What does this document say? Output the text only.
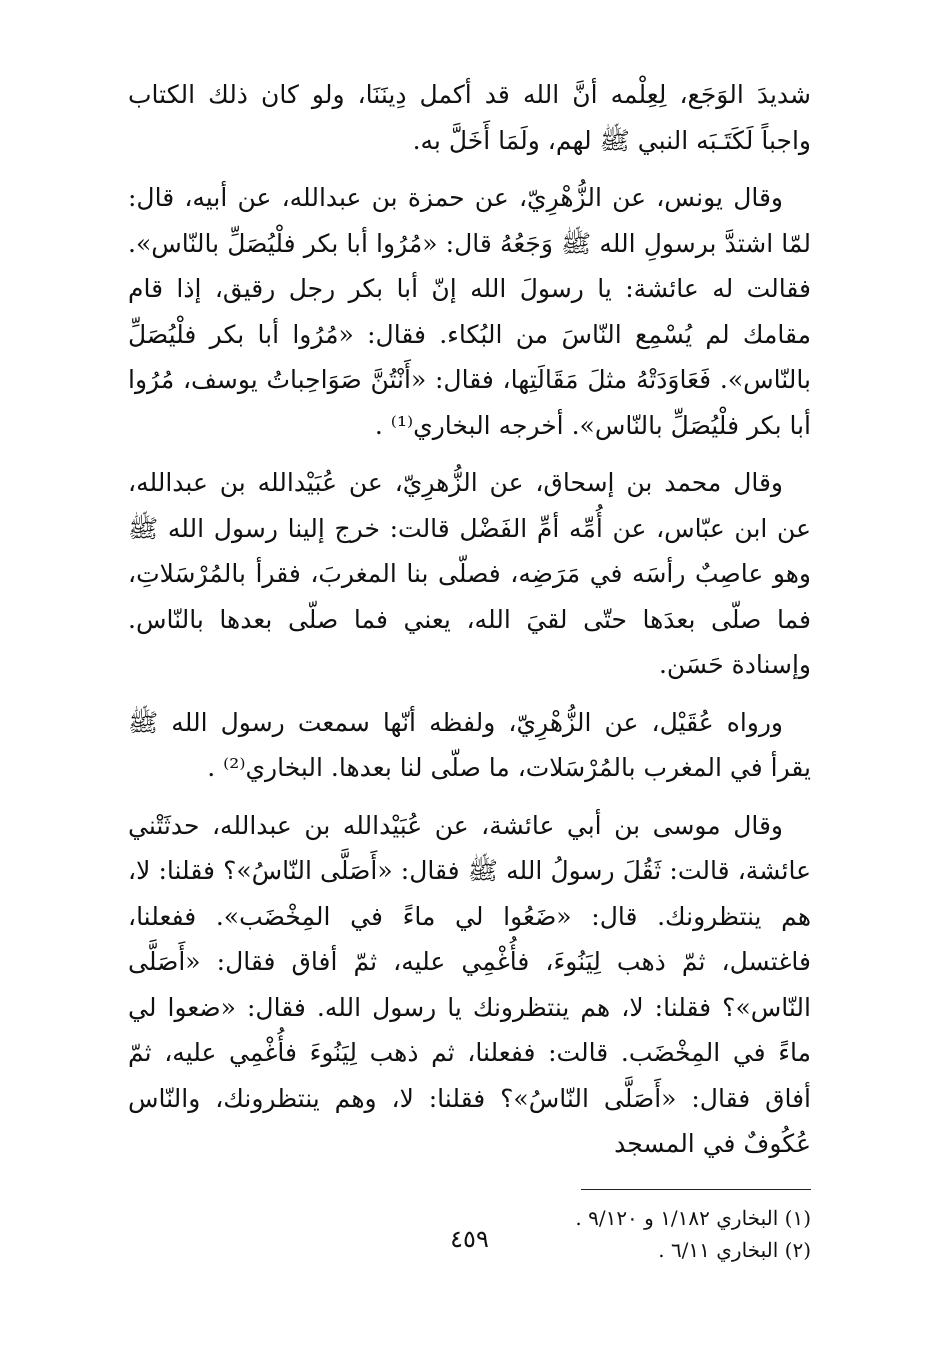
شديدَ الوَجَع، لِعِلْمه أنَّ الله قد أكمل دِينَنَا، ولو كان ذلك الكتاب واجباً لَكَتَـبَه النبي ﷺ لهم، ولَمَا أَخَلَّ به.

وقال يونس، عن الزُّهْرِيّ، عن حمزة بن عبدالله، عن أبيه، قال: لمّا اشتدَّ برسولِ الله ﷺ وَجَعُهُ قال: «مُرُوا أبا بكر فلْيُصَلِّ بالنّاس». فقالت له عائشة: يا رسولَ الله إنّ أبا بكر رجل رقيق، إذا قام مقامك لم يُسْمِع النّاسَ من البُكاء. فقال: «مُرُوا أبا بكر فلْيُصَلِّ بالنّاس». فَعَاوَدَتْهُ مثلَ مَقَالَتِها، فقال: «أَنْتُنَّ صَوَاحِباتُ يوسف، مُرُوا أبا بكر فلْيُصَلِّ بالنّاس». أخرجه البخاري⁽¹⁾ .

وقال محمد بن إسحاق، عن الزُّهرِيّ، عن عُبَيْدالله بن عبدالله، عن ابن عبّاس، عن أُمِّه أمِّ الفَضْل قالت: خرج إلينا رسول الله ﷺ وهو عاصِبٌ رأسَه في مَرَضِه، فصلّى بنا المغربَ، فقرأ بالمُرْسَلاتِ، فما صلّى بعدَها حتّى لقيَ الله، يعني فما صلّى بعدها بالنّاس. وإسنادة حَسَن.

ورواه عُقَيْل، عن الزُّهْرِيّ، ولفظه أنّها سمعت رسول الله ﷺ يقرأ في المغرب بالمُرْسَلات، ما صلّى لنا بعدها. البخاري⁽²⁾ .

وقال موسى بن أبي عائشة، عن عُبَيْدالله بن عبدالله، حدثَتْني عائشة، قالت: ثَقُلَ رسولُ الله ﷺ فقال: «أَصَلَّى النّاسُ»؟ فقلنا: لا، هم ينتظرونك. قال: «ضَعُوا لي ماءً في المِخْضَب». ففعلنا، فاغتسل، ثمّ ذهب لِيَنُوءَ، فأُغْمِي عليه، ثمّ أفاق فقال: «أَصَلَّى النّاس»؟ فقلنا: لا، هم ينتظرونك يا رسول الله. فقال: «ضعوا لي ماءً في المِخْضَب. قالت: ففعلنا، ثم ذهب لِيَنُوءَ فأُغْمِي عليه، ثمّ أفاق فقال: «أَصَلَّى النّاسُ»؟ فقلنا: لا، وهم ينتظرونك، والنّاس عُكُوفٌ في المسجد

(١) البخاري ١/١٨٢ و ٩/١٢٠ .

(٢) البخاري ٦/١١ .

٤٥٩
